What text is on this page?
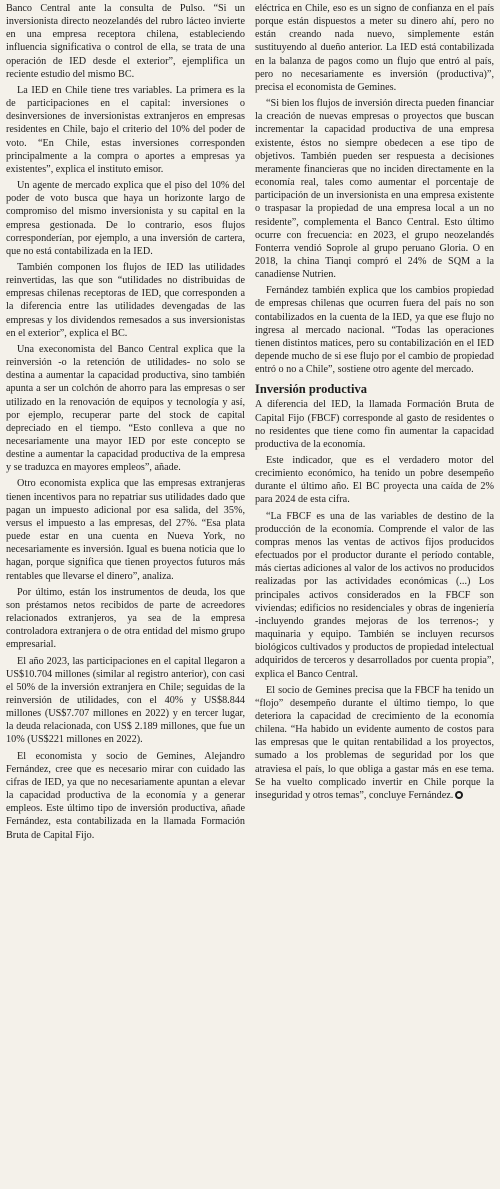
Banco Central ante la consulta de Pulso. “Si un inversionista directo neozelandés del rubro lácteo invierte en una empresa receptora chilena, estableciendo influencia significativa o control de ella, se trata de una operación de IED desde el exterior”, ejemplifica un reciente estudio del mismo BC.

La IED en Chile tiene tres variables. La primera es la de participaciones en el capital: inversiones o desinversiones de inversionistas extranjeros en empresas residentes en Chile, bajo el criterio del 10% del poder de voto. “En Chile, estas inversiones corresponden principalmente a la compra o aportes a empresas ya existentes”, explica el instituto emisor.

Un agente de mercado explica que el piso del 10% del poder de voto busca que haya un horizonte largo de compromiso del mismo inversionista y su capital en la empresa gestionada. De lo contrario, esos flujos corresponderían, por ejemplo, a una inversión de cartera, que no está contabilizada en la IED.

También componen los flujos de IED las utilidades reinvertidas, las que son “utilidades no distribuidas de empresas chilenas receptoras de IED, que corresponden a la diferencia entre las utilidades devengadas de las empresas y los dividendos remesados a sus inversionistas en el exterior”, explica el BC.

Una execonomista del Banco Central explica que la reinversión -o la retención de utilidades- no solo se destina a aumentar la capacidad productiva, sino también apunta a ser un colchón de ahorro para las empresas o ser utilizado en la renovación de equipos y tecnología y así, por ejemplo, recuperar parte del stock de capital depreciado en el tiempo. “Esto conlleva a que no necesariamente una mayor IED por este concepto se destine a aumentar la capacidad productiva de la empresa y se traduzca en mayores empleos”, añade.

Otro economista explica que las empresas extranjeras tienen incentivos para no repatriar sus utilidades dado que pagan un impuesto adicional por esa salida, del 35%, versus el impuesto a las empresas, del 27%. “Esa plata puede estar en una cuenta en Nueva York, no necesariamente es inversión. Igual es buena noticia que lo hagan, porque significa que tienen proyectos futuros más rentables que llevarse el dinero”, analiza.

Por último, están los instrumentos de deuda, los que son préstamos netos recibidos de parte de acreedores relacionados extranjeros, ya sea de la empresa controladora extranjera o de otra entidad del mismo grupo empresarial.

El año 2023, las participaciones en el capital llegaron a US$10.704 millones (similar al registro anterior), con casi el 50% de la inversión extranjera en Chile; seguidas de la reinversión de utilidades, con el 40% y US$8.844 millones (US$7.707 millones en 2022) y en tercer lugar, la deuda relacionada, con US$ 2.189 millones, que fue un 10% (US$221 millones en 2022).

El economista y socio de Gemines, Alejandro Fernández, cree que es necesario mirar con cuidado las cifras de IED, ya que no necesariamente apuntan a elevar la capacidad productiva de la economía y a generar empleos. Este último tipo de inversión productiva, añade Fernández, esta contabilizada en la llamada Formación Bruta de Capital Fijo.

eléctrica en Chile, eso es un signo de confianza en el país porque están dispuestos a meter su dinero ahí, pero no están creando nada nuevo, simplemente están sustituyendo al dueño anterior. La IED está contabilizada en la balanza de pagos como un flujo que entró al país, pero no necesariamente es inversión (productiva)”, precisa el economista de Gemines.

“Si bien los flujos de inversión directa pueden financiar la creación de nuevas empresas o proyectos que buscan incrementar la capacidad productiva de una empresa existente, éstos no siempre obedecen a ese tipo de objetivos. También pueden ser respuesta a decisiones meramente financieras que no inciden directamente en la economía real, tales como aumentar el porcentaje de participación de un inversionista en una empresa existente o traspasar la propiedad de una empresa local a un no residente”, complementa el Banco Central. Esto último ocurre con frecuencia: en 2023, el grupo neozelandés Fonterra vendió Soprole al grupo peruano Gloria. O en 2018, la china Tianqi compró el 24% de SQM a la canadiense Nutrien.

Fernández también explica que los cambios propiedad de empresas chilenas que ocurren fuera del país no son contabilizados en la cuenta de la IED, ya que ese flujo no ingresa al mercado nacional. “Todas las operaciones tienen distintos matices, pero su contabilización en el IED depende mucho de si ese flujo por el cambio de propiedad entró o no a Chile”, sostiene otro agente del mercado.

Inversión productiva

A diferencia del IED, la llamada Formación Bruta de Capital Fijo (FBCF) corresponde al gasto de residentes o no residentes que tiene como fin aumentar la capacidad productiva de la economía.

Este indicador, que es el verdadero motor del crecimiento económico, ha tenido un pobre desempeño durante el último año. El BC proyecta una caída de 2% para 2024 de esta cifra.

“La FBCF es una de las variables de destino de la producción de la economía. Comprende el valor de las compras menos las ventas de activos fijos producidos efectuados por el productor durante el período contable, más ciertas adiciones al valor de los activos no producidos realizadas por las actividades económicas (...) Los principales activos considerados en la FBCF son viviendas; edificios no residenciales y obras de ingeniería -incluyendo grandes mejoras de los terrenos-; y maquinaria y equipo. También se incluyen recursos biológicos cultivados y productos de propiedad intelectual adquiridos de terceros y desarrollados por cuenta propia”, explica el Banco Central.

El socio de Gemines precisa que la FBCF ha tenido un “flojo” desempeño durante el último tiempo, lo que deteriora la capacidad de crecimiento de la economía chilena. “Ha habido un evidente aumento de costos para las empresas que le quitan rentabilidad a los proyectos, sumado a los problemas de seguridad por los que atraviesa el país, lo que obliga a gastar más en ese tema. Se ha vuelto complicado invertir en Chile porque la inseguridad y otros temas”, concluye Fernández.
